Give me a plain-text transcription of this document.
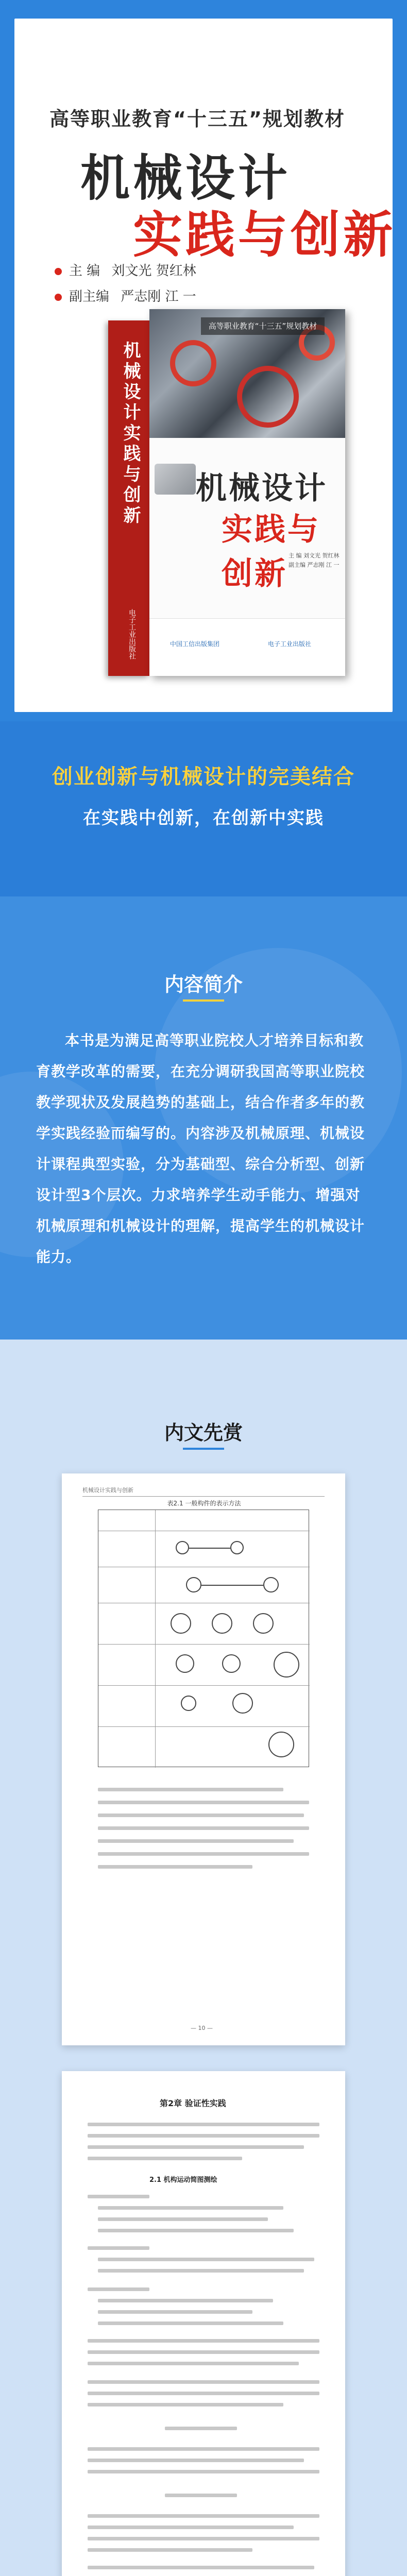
高等职业教育“十三五”规划教材
机械设计
实践与创新
主 编 刘文光 贺红林
副主编 严志刚 江 一
机械设计实践与创新
电子工业出版社
高等职业教育“十三五”规划教材
机械设计
实践与创新
主 编 刘文光 贺红林
副主编 严志刚 江 一
中国工信出版集团	电子工业出版社
创业创新与机械设计的完美结合
在实践中创新，在创新中实践
内容简介
本书是为满足高等职业院校人才培养目标和教育教学改革的需要，在充分调研我国高等职业院校教学现状及发展趋势的基础上，结合作者多年的教学实践经验而编写的。内容涉及机械原理、机械设计课程典型实验，分为基础型、综合分析型、创新设计型3个层次。力求培养学生动手能力、增强对机械原理和机械设计的理解，提高学生的机械设计能力。
内文先赏
机械设计实践与创新
表2.1 一般构件的表示方法
— 10 —
第2章 验证性实践
2.1 机构运动简图测绘
